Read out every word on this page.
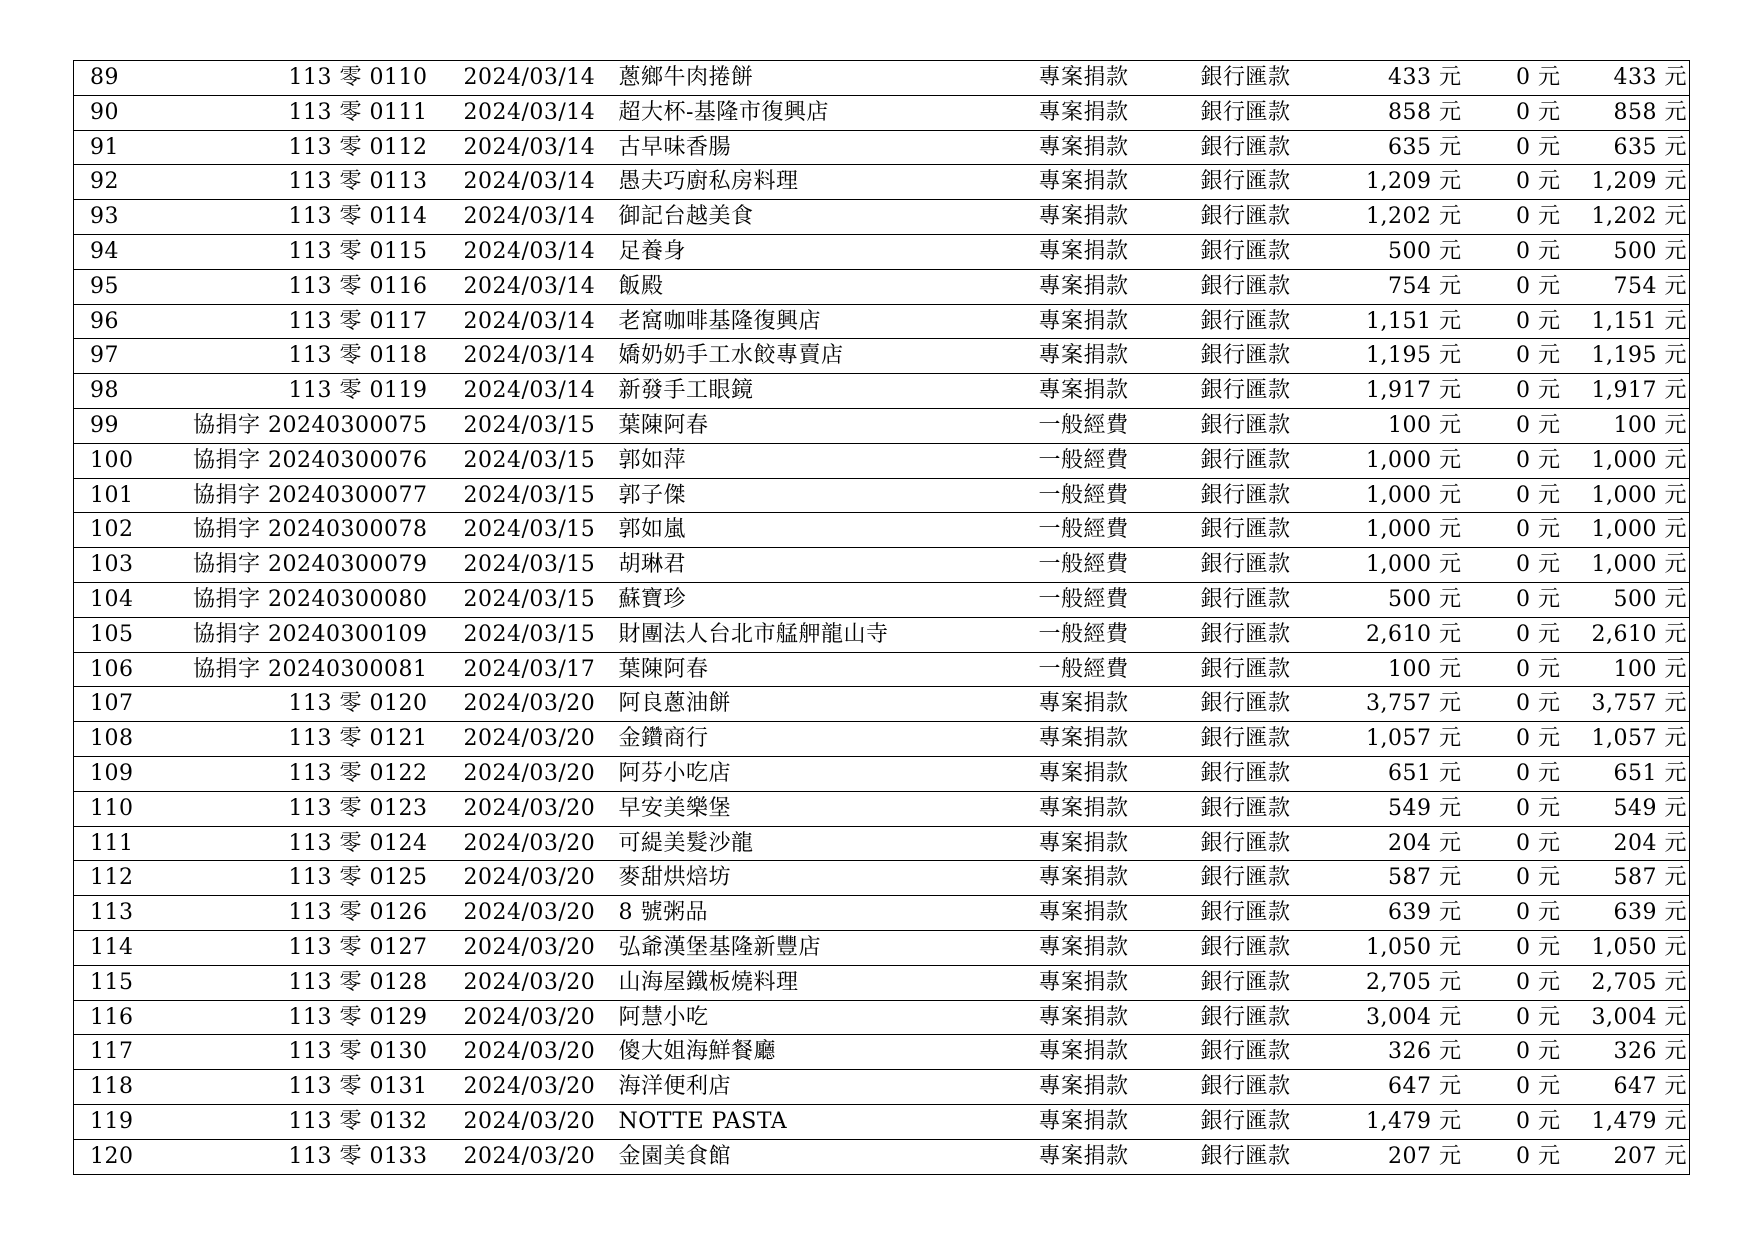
89	113 零 0110	2024/03/14	蔥鄉牛肉捲餅	專案捐款	銀行匯款	433 元	0 元	433 元
90	113 零 0111	2024/03/14	超大杯-基隆市復興店	專案捐款	銀行匯款	858 元	0 元	858 元
91	113 零 0112	2024/03/14	古早味香腸	專案捐款	銀行匯款	635 元	0 元	635 元
92	113 零 0113	2024/03/14	愚夫巧廚私房料理	專案捐款	銀行匯款	1,209 元	0 元	1,209 元
93	113 零 0114	2024/03/14	御記台越美食	專案捐款	銀行匯款	1,202 元	0 元	1,202 元
94	113 零 0115	2024/03/14	足養身	專案捐款	銀行匯款	500 元	0 元	500 元
95	113 零 0116	2024/03/14	飯殿	專案捐款	銀行匯款	754 元	0 元	754 元
96	113 零 0117	2024/03/14	老窩咖啡基隆復興店	專案捐款	銀行匯款	1,151 元	0 元	1,151 元
97	113 零 0118	2024/03/14	嬌奶奶手工水餃專賣店	專案捐款	銀行匯款	1,195 元	0 元	1,195 元
98	113 零 0119	2024/03/14	新發手工眼鏡	專案捐款	銀行匯款	1,917 元	0 元	1,917 元
99	協捐字 20240300075	2024/03/15	葉陳阿春	一般經費	銀行匯款	100 元	0 元	100 元
100	協捐字 20240300076	2024/03/15	郭如萍	一般經費	銀行匯款	1,000 元	0 元	1,000 元
101	協捐字 20240300077	2024/03/15	郭子傑	一般經費	銀行匯款	1,000 元	0 元	1,000 元
102	協捐字 20240300078	2024/03/15	郭如嵐	一般經費	銀行匯款	1,000 元	0 元	1,000 元
103	協捐字 20240300079	2024/03/15	胡琳君	一般經費	銀行匯款	1,000 元	0 元	1,000 元
104	協捐字 20240300080	2024/03/15	蘇寶珍	一般經費	銀行匯款	500 元	0 元	500 元
105	協捐字 20240300109	2024/03/15	財團法人台北市艋舺龍山寺	一般經費	銀行匯款	2,610 元	0 元	2,610 元
106	協捐字 20240300081	2024/03/17	葉陳阿春	一般經費	銀行匯款	100 元	0 元	100 元
107	113 零 0120	2024/03/20	阿良蔥油餅	專案捐款	銀行匯款	3,757 元	0 元	3,757 元
108	113 零 0121	2024/03/20	金鑽商行	專案捐款	銀行匯款	1,057 元	0 元	1,057 元
109	113 零 0122	2024/03/20	阿芬小吃店	專案捐款	銀行匯款	651 元	0 元	651 元
110	113 零 0123	2024/03/20	早安美樂堡	專案捐款	銀行匯款	549 元	0 元	549 元
111	113 零 0124	2024/03/20	可緹美髮沙龍	專案捐款	銀行匯款	204 元	0 元	204 元
112	113 零 0125	2024/03/20	麥甜烘焙坊	專案捐款	銀行匯款	587 元	0 元	587 元
113	113 零 0126	2024/03/20	8 號粥品	專案捐款	銀行匯款	639 元	0 元	639 元
114	113 零 0127	2024/03/20	弘爺漢堡基隆新豐店	專案捐款	銀行匯款	1,050 元	0 元	1,050 元
115	113 零 0128	2024/03/20	山海屋鐵板燒料理	專案捐款	銀行匯款	2,705 元	0 元	2,705 元
116	113 零 0129	2024/03/20	阿慧小吃	專案捐款	銀行匯款	3,004 元	0 元	3,004 元
117	113 零 0130	2024/03/20	傻大姐海鮮餐廳	專案捐款	銀行匯款	326 元	0 元	326 元
118	113 零 0131	2024/03/20	海洋便利店	專案捐款	銀行匯款	647 元	0 元	647 元
119	113 零 0132	2024/03/20	NOTTE PASTA	專案捐款	銀行匯款	1,479 元	0 元	1,479 元
120	113 零 0133	2024/03/20	金園美食館	專案捐款	銀行匯款	207 元	0 元	207 元
